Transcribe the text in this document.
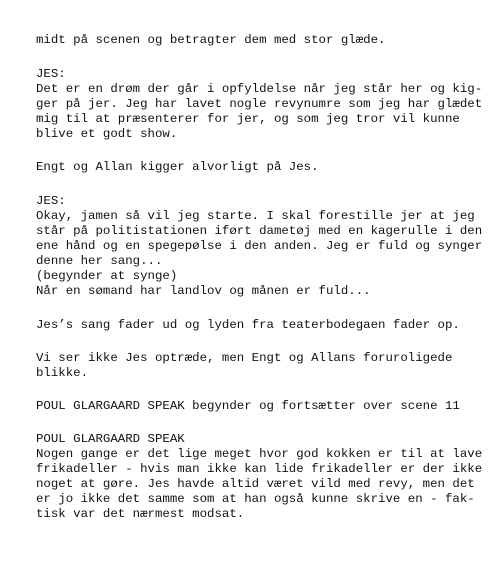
midt på scenen og betragter dem med stor glæde.

JES:

Det er en drøm der går i opfyldelse når jeg står her og kig-

ger på jer. Jeg har lavet nogle revynumre som jeg har glædet

mig til at præsenterer for jer, og som jeg tror vil kunne

blive et godt show.

Engt og Allan kigger alvorligt på Jes.

JES:

Okay, jamen så vil jeg starte. I skal forestille jer at jeg

står på politistationen iført dametøj med en kagerulle i den

ene hånd og en spegepølse i den anden. Jeg er fuld og synger

denne her sang...

(begynder at synge)

Når en sømand har landlov og månen er fuld...

Jes’s sang fader ud og lyden fra teaterbodegaen fader op.

Vi ser ikke Jes optræde, men Engt og Allans foruroligede

blikke.

POUL GLARGAARD SPEAK begynder og fortsætter over scene 11

POUL GLARGAARD SPEAK

Nogen gange er det lige meget hvor god kokken er til at lave

frikadeller - hvis man ikke kan lide frikadeller er der ikke

noget at gøre. Jes havde altid været vild med revy, men det

er jo ikke det samme som at han også kunne skrive en - fak-

tisk var det nærmest modsat.
